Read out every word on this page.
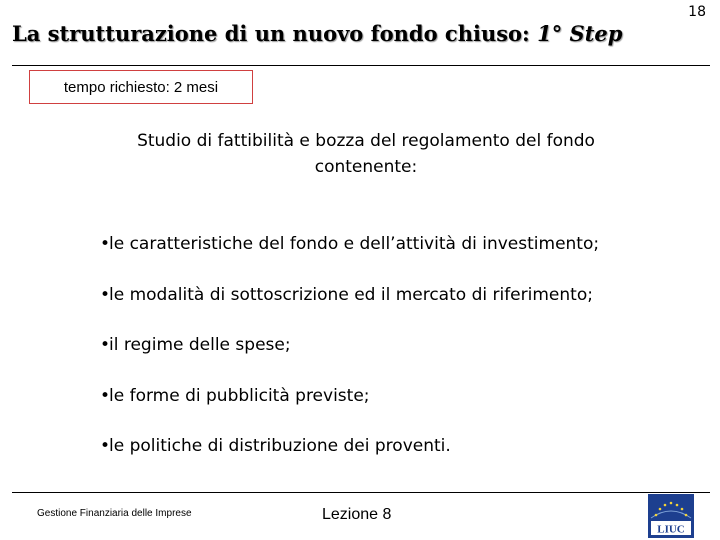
18
La strutturazione di un nuovo fondo chiuso: 1° Step
tempo richiesto: 2 mesi
Studio di fattibilità e bozza del regolamento del fondo contenente:
•le caratteristiche del fondo e dell’attività di investimento;
•le modalità di sottoscrizione ed il mercato di riferimento;
•il regime delle spese;
•le forme di pubblicità previste;
•le politiche di distribuzione dei proventi.
Gestione Finanziaria delle Imprese	Lezione 8
LIUC
